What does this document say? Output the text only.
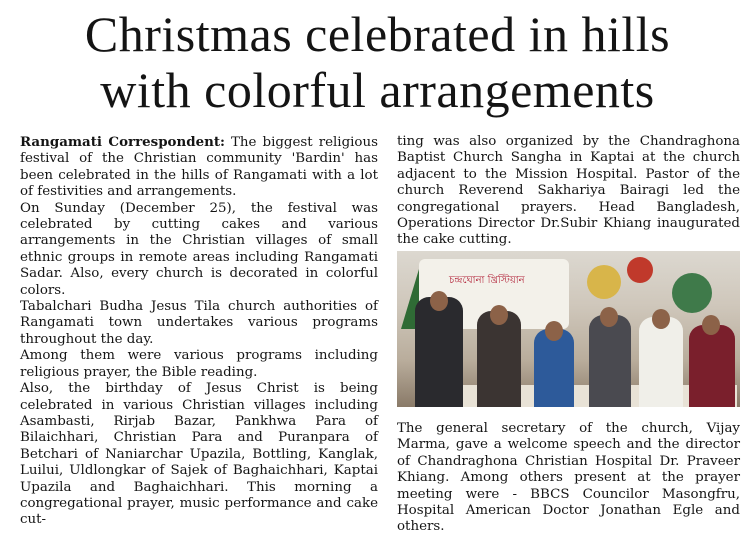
Christmas celebrated in hills
with colorful arrangements

Rangamati Correspondent: The biggest religious festival of the Christian community 'Bardin' has been celebrated in the hills of Rangamati with a lot of festivities and arrangements.

On Sunday (December 25), the festival was celebrated by cutting cakes and various arrangements in the Christian villages of small ethnic groups in remote areas including Rangamati Sadar. Also, every church is decorated in colorful colors.

Tabalchari Budha Jesus Tila church authorities of Rangamati town undertakes various programs throughout the day.

Among them were various programs including religious prayer, the Bible reading.

Also, the birthday of Jesus Christ is being celebrated in various Christian villages including Asambasti, Rirjab Bazar, Pankhwa Para of Bilaichhari, Christian Para and Puranpara of Betchari of Naniarchar Upazila, Bottling, Kanglak, Luilui, Uldlongkar of Sajek of Baghaichhari, Kaptai Upazila and Baghaichhari. This morning a congregational prayer, music performance and cake cut-

ting was also organized by the Chandraghona Baptist Church Sangha in Kaptai at the church adjacent to the Mission Hospital. Pastor of the church Reverend Sakhariya Bairagi led the congregational prayers. Head Bangladesh, Operations Director Dr.Subir Khiang inaugurated the cake cutting.

চন্দ্রঘোনা খ্রিস্টিয়ান

The general secretary of the church, Vijay Marma, gave a welcome speech and the director of Chandraghona Christian Hospital Dr. Praveer Khiang. Among others present at the prayer meeting were - BBCS Councilor Masongfru, Hospital American Doctor Jonathan Egle and others.
